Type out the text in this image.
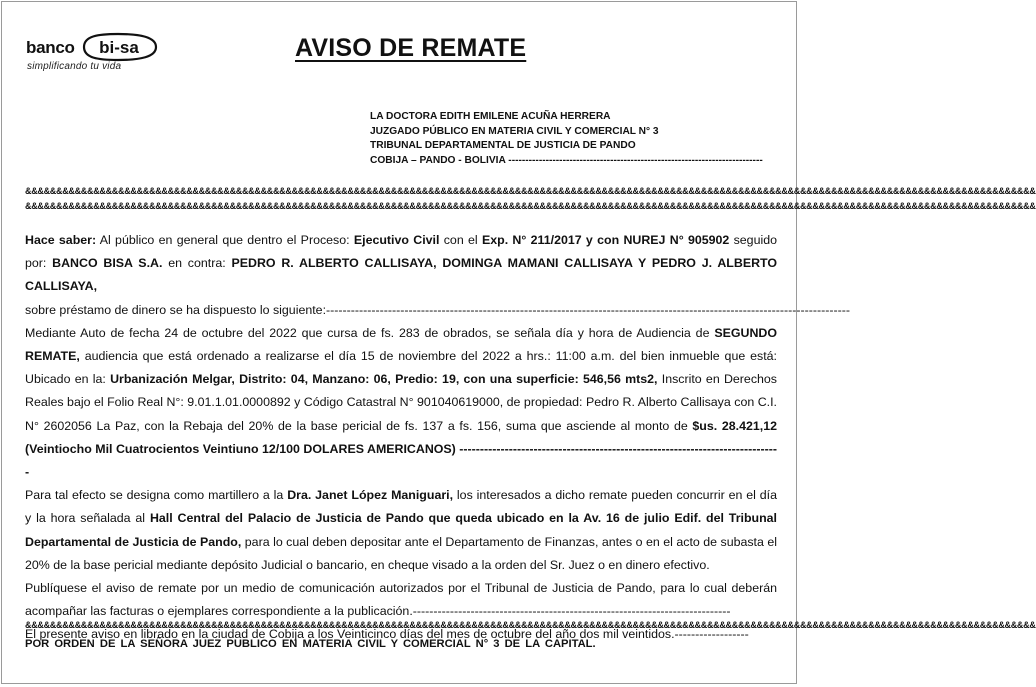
banco bi-sa
simplificando tu vida
AVISO DE REMATE
LA DOCTORA EDITH EMILENE ACUÑA HERRERA
JUZGADO PÚBLICO EN MATERIA CIVIL Y COMERCIAL N° 3
TRIBUNAL DEPARTAMENTAL DE JUSTICIA DE PANDO
COBIJA – PANDO - BOLIVIA ---------------------------------------------------------------------------
&&&&&&&&&&&&&&&&&&&&&&&&&&&&&&&&&&&&&&&&&&&&&&&&&&&&&&&&&&&&&&&&&&&&&&&&&&&&&&&&&&&&&&&&&&&&&&&&&&&&&&&&&&&&&&&&&&&&&&&&&&&&&&&&&&&&&&&&&&&&&&&&&&&&&&&&&&&&&&&&&&&
&&&&&&&&&&&&&&&&&&&&&&&&&&&&&&&&&&&&&&&&&&&&&&&&&&&&&&&&&&&&&&&&&&&&&&&&&&&&&&&&&&&&&&&&&&&&&&&&&&&&&&&&&&&&&&&&&&&&&&&&&&&&&&&&&&&&&&&&&&&&&&&&&&&&&&&&&&&&&&&&&&&

Hace saber: Al público en general que dentro el Proceso: Ejecutivo Civil con el Exp. N° 211/2017 y con NUREJ N° 905902 seguido por: BANCO BISA S.A. en contra: PEDRO R. ALBERTO CALLISAYA, DOMINGA MAMANI CALLISAYA Y PEDRO J. ALBERTO CALLISAYA,
sobre préstamo de dinero se ha dispuesto lo siguiente:-------------------------------------------------------------------------------------------------------------------------------

Mediante Auto de fecha 24 de octubre del 2022 que cursa de fs. 283 de obrados, se señala día y hora de Audiencia de SEGUNDO REMATE, audiencia que está ordenado a realizarse el día 15 de noviembre del 2022 a hrs.: 11:00 a.m. del bien inmueble que está: Ubicado en la: Urbanización Melgar, Distrito: 04, Manzano: 06, Predio: 19, con una superficie: 546,56 mts2, Inscrito en Derechos Reales bajo el Folio Real N°: 9.01.1.01.0000892 y Código Catastral N° 901040619000, de propiedad: Pedro R. Alberto Callisaya con C.I. N° 2602056 La Paz, con la Rebaja del 20% de la base pericial de fs. 137 a fs. 156, suma que asciende al monto de $us. 28.421,12 (Veintiocho Mil Cuatrocientos Veintiuno 12/100 DOLARES AMERICANOS) ------------------------------------------------------------------------------

Para tal efecto se designa como martillero a la Dra. Janet López Maniguari, los interesados a dicho remate pueden concurrir en el día y la hora señalada al Hall Central del Palacio de Justicia de Pando que queda ubicado en la Av. 16 de julio Edif. del Tribunal Departamental de Justicia de Pando, para lo cual deben depositar ante el Departamento de Finanzas, antes o en el acto de subasta el 20% de la base pericial mediante depósito Judicial o bancario, en cheque visado a la orden del Sr. Juez o en dinero efectivo.

Publíquese el aviso de remate por un medio de comunicación autorizados por el Tribunal de Justicia de Pando, para lo cual deberán acompañar las facturas o ejemplares correspondiente a la publicación.-----------------------------------------------------------------------------

El presente aviso en librado en la ciudad de Cobija a los Veinticinco días del mes de octubre del año dos mil veintidos.------------------

&&&&&&&&&&&&&&&&&&&&&&&&&&&&&&&&&&&&&&&&&&&&&&&&&&&&&&&&&&&&&&&&&&&&&&&&&&&&&&&&&&&&&&&&&&&&&&&&&&&&&&&&&&&&&&&&&&&&&&&&&&&&&&&&&&&&&&&&&&&&&&&&&&&&&&&&&&&&&&&&&&&
POR ORDEN DE LA SEÑORA JUEZ PUBLICO EN MATERIA CIVIL Y COMERCIAL N° 3 DE LA CAPITAL.
